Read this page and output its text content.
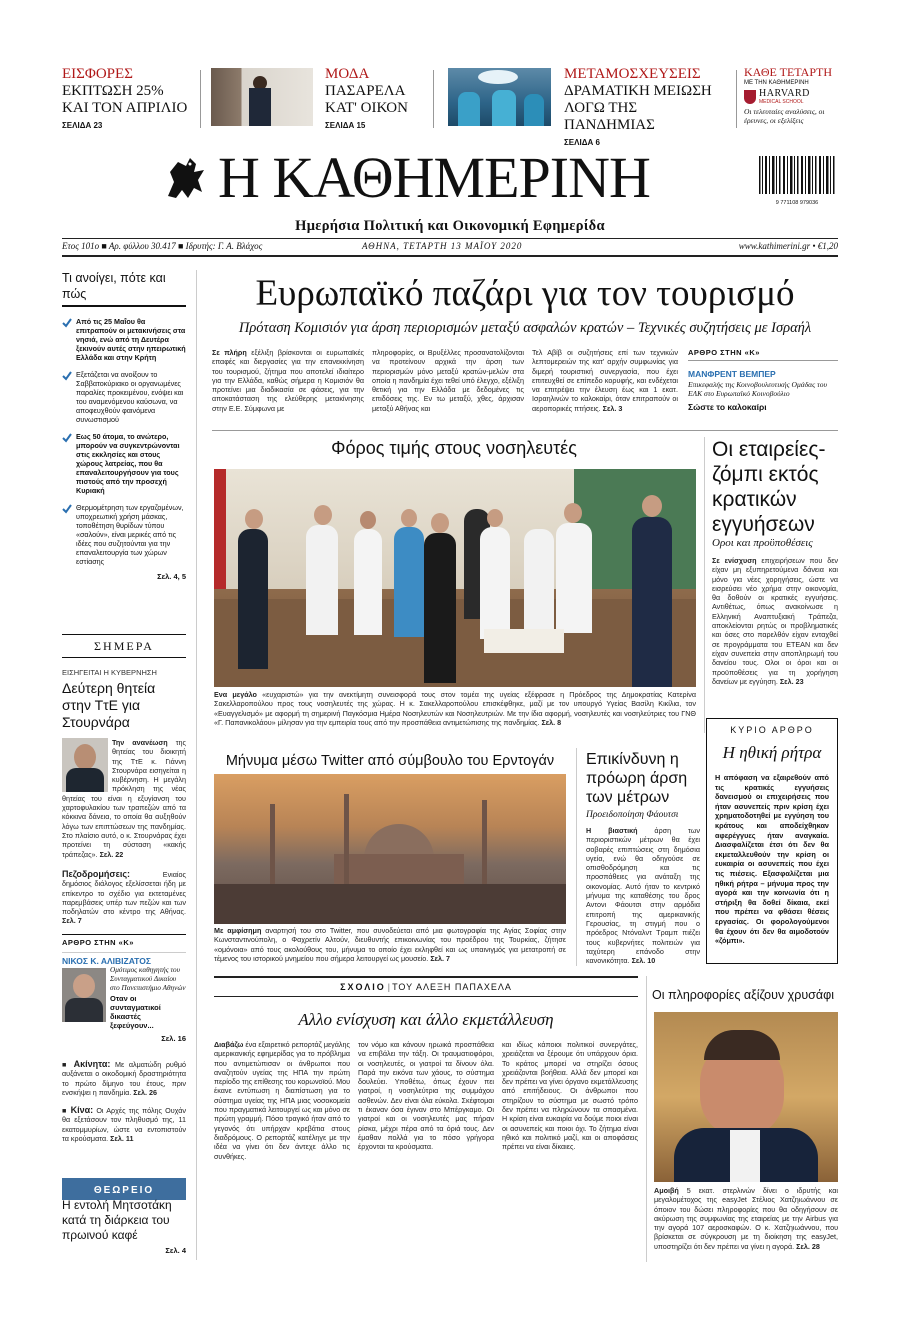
ΕΙΣΦΟΡΕΣ
ΕΚΠΤΩΣΗ 25%
ΚΑΙ ΤΟΝ ΑΠΡΙΛΙΟ
ΣΕΛΙΔΑ 23
ΜΟΔΑ
ΠΑΣΑΡΕΛΑ
ΚΑΤ' ΟΙΚΟΝ
ΣΕΛΙΔΑ 15
ΜΕΤΑΜΟΣΧΕΥΣΕΙΣ
ΔΡΑΜΑΤΙΚΗ ΜΕΙΩΣΗ
ΛΟΓΩ ΤΗΣ ΠΑΝΔΗΜΙΑΣ
ΣΕΛΙΔΑ 6
ΚΑΘΕ ΤΕΤΑΡΤΗ
ΜΕ ΤΗΝ ΚΑΘΗΜΕΡΙΝΗ
HARVARD
MEDICAL SCHOOL
Οι τελευταίες αναλύσεις, οι έρευνες, οι εξελίξεις
Η ΚΑΘΗΜΕΡΙΝΗ	9 771108 979036
Ημερήσια Πολιτική και Οικονομική Εφημερίδα
Ετος 101ο ■ Αρ. φύλλου 30.417 ■ Ιδρυτής: Γ. Α. Βλάχος	ΑΘΗΝΑ, ΤΕΤΑΡΤΗ 13 ΜΑΪΟΥ 2020	www.kathimerini.gr • €1,20
Τι ανοίγει, πότε και πώς
Από τις 25 Μαΐου θα επιτραπούν οι μετακινήσεις στα νησιά, ενώ από τη Δευτέρα ξεκινούν αυτές στην ηπειρωτική Ελλάδα και στην Κρήτη
Εξετάζεται να ανοίξουν το Σαββατοκύριακο οι οργανωμένες παραλίες προκειμένου, ενόψει και του αναμενόμενου καύσωνα, να αποφευχθούν φαινόμενα συνωστισμού
Εως 50 άτομα, το ανώτερο, μπορούν να συγκεντρώνονται στις εκκλησίες και στους χώρους λατρείας, που θα επαναλειτουργήσουν για τους πιστούς από την προσεχή Κυριακή
Θερμομέτρηση των εργαζομένων, υποχρεωτική χρήση μάσκας, τοποθέτηση θυρίδων τύπου «σαλούν», είναι μερικές από τις ιδέες που συζητούνται για την επαναλειτουργία των χώρων εστίασης
Σελ. 4, 5
ΣΗΜΕΡΑ
ΕΙΣΗΓΕΙΤΑΙ Η ΚΥΒΕΡΝΗΣΗ
Δεύτερη θητεία στην ΤτΕ για Στουρνάρα
Την ανανέωση της θητείας του διοικητή της ΤτΕ κ. Γιάννη Στουρνάρα εισηγείται η κυβέρνηση. Η μεγάλη πρόκληση της νέας θητείας του είναι η εξυγίανση του χαρτοφυλακίου των τραπεζών από τα κόκκινα δάνεια, το οποία θα αυξηθούν λόγω των επιπτώσεων της πανδημίας. Στο πλαίσιο αυτό, ο κ. Στουρνάρας έχει προτείνει τη σύσταση «κακής τράπεζας». Σελ. 22
Πεζοδρομήσεις:	Ενιαίος δημόσιος διάλογος εξελίσσεται ήδη με επίκεντρο το σχέδιο για εκτεταμένες παρεμβάσεις υπέρ των πεζών και των ποδηλατών στο κέντρο της Αθήνας. Σελ. 7
ΑΡΘΡΟ ΣΤΗΝ «Κ»
ΝΙΚΟΣ Κ. ΑΛΙΒΙΖΑΤΟΣ
Ομότιμος καθηγητής του Συνταγματικού Δικαίου στο Πανεπιστήμιο Αθηνών
Οταν οι συνταγματικοί δικαστές ξεφεύγουν...
Σελ. 16
■ Ακίνητα: Με αλματώδη ρυθμό αυξάνεται ο οικοδομική δραστηριότητα το πρώτο δίμηνο του έτους, πριν ενσκήψει η πανδημία. Σελ. 26
■ Κίνα: Οι Αρχές της πόλης Ουχάν θα εξετάσουν τον πληθυσμό της, 11 εκατομμυρίων, ώστε να εντοπιστούν τα κρούσματα. Σελ. 11
ΘΕΩΡΕΙΟ
Η εντολή Μητσοτάκη κατά τη διάρκεια του πρωινού καφέ
Σελ. 4
Ευρωπαϊκό παζάρι για τον τουρισμό
Πρόταση Κομισιόν για άρση περιορισμών μεταξύ ασφαλών κρατών – Τεχνικές συζητήσεις με Ισραήλ
Σε πλήρη εξέλιξη βρίσκονται οι ευρωπαϊκές επαφές και διεργασίες για την επανεκκίνηση του τουρισμού, ζήτημα που αποτελεί ιδιαίτερο για την Ελλάδα, καθώς σήμερα η Κομισιόν θα προτείνει μια διαδικασία σε φάσεις, για την αποκατάσταση της ελεύθερης μετακίνησης στην Ε.Ε. Σύμφωνα με
πληροφορίες, οι Βρυξέλλες προσανατολίζονται να προτείνουν αρχικά την άρση των περιορισμών μόνο μεταξύ κρατών-μελών στα οποία η πανδημία έχει τεθεί υπό έλεγχο, εξέλιξη θετική για την Ελλάδα με δεδομένες τις επιδόσεις της. Εν τω μεταξύ, χθες, άρχισαν μεταξύ Αθήνας και
Τελ Αβίβ οι συζητήσεις επί των τεχνικών λεπτομερειών της κατ' αρχήν συμφωνίας για διμερή τουριστική συνεργασία, που έχει επιτευχθεί σε επίπεδο κορυφής, και ενδέχεται να επιτρέψει την έλευση έως και 1 εκατ. Ισραηλινών το καλοκαίρι, όταν επιτραπούν οι αεροπορικές πτήσεις. Σελ. 3
ΑΡΘΡΟ ΣΤΗΝ «Κ»
ΜΑΝΦΡΕΝΤ ΒΕΜΠΕΡ
Επικεφαλής της Κοινοβουλευτικής Ομάδας του ΕΛΚ στο Ευρωπαϊκό Κοινοβούλιο
Σώστε το καλοκαίρι
Φόρος τιμής στους νοσηλευτές
Ενα μεγάλο «ευχαριστώ» για την ανεκτίμητη συνεισφορά τους στον τομέα της υγείας εξέφρασε η Πρόεδρος της Δημοκρατίας Κατερίνα Σακελλαροπούλου προς τους νοσηλευτές της χώρας. Η κ. Σακελλαροπούλου επισκέφθηκε, μαζί με τον υπουργό Υγείας Βασίλη Κικίλια, τον «Ευαγγελισμό» με αφορμή τη σημερινή Παγκόσμια Ημέρα Νοσηλευτών και Νοσηλευτριών. Με την ίδια αφορμή, νοσηλευτές και νοσηλεύτριες του ΓΝΘ «Γ. Παπανικολάου» μίλησαν για την εμπειρία τους από την προσπάθεια αντιμετώπισης της πανδημίας. Σελ. 8
Οι εταιρείες-ζόμπι εκτός κρατικών εγγυήσεων
Οροι και προϋποθέσεις
Σε ενίσχυση επιχειρήσεων που δεν είχαν μη εξυπηρετούμενα δάνεια και μόνο για νέες χορηγήσεις, ώστε να εισρεύσει νέο χρήμα στην οικονομία, θα δοθούν οι κρατικές εγγυήσεις. Αντιθέτως, όπως ανακοίνωσε η Ελληνική Αναπτυξιακή Τράπεζα, αποκλείονται ρητώς οι προβληματικές και όσες στο παρελθόν είχαν ενταχθεί σε προγράμματα του ΕΤΕΑΝ και δεν είχαν συνεπεία στην αποπληρωμή του δανείου τους. Ολοι οι όροι και οι προϋποθέσεις για τη χορήγηση δανείων με εγγύηση. Σελ. 23
ΚΥΡΙΟ ΑΡΘΡΟ
Η ηθική ρήτρα
Η απόφαση να εξαιρεθούν από τις κρατικές εγγυήσεις δανεισμού οι επιχειρήσεις που ήταν ασυνεπείς πριν κρίση έχει χρηματοδοτηθεί με εγγύηση του κράτους και αποδείχθηκαν αφερέγγυες ήταν αναγκαία. Διασφαλίζεται έτσι ότι δεν θα εκμεταλλευθούν την κρίση οι ευκαιρία οι ασυνεπείς που έχει τις πιέσεις. Εξασφαλίζεται μια ηθική ρήτρα – μήνυμα προς την αγορά και την κοινωνία ότι η στήριξη θα δοθεί δίκαια, εκεί που πρέπει να φθάσει θέσεις εργασίας. Οι φορολογούμενοι θα έχουν ότι δεν θα αιμοδοτούν «ζόμπι».
Μήνυμα μέσω Twitter από σύμβουλο του Ερντογάν
Με αμφίσημη αναρτησή του στο Twitter, που συνοδεύεται από μια φωτογραφία της Αγίας Σοφίας στην Κωνσταντινούπολη, ο Φαχρετίν Αλτούν, διευθυντής επικοινωνίας του προέδρου της Τουρκίας, ζήτησε «ομόνοια» από τους ακολούθους του, μήνυμα το οποίο έχει εκληφθεί και ως υπαινιγμός για μετατροπή σε τέμενος του ιστορικού μνημείου που σήμερα λειτουργεί ως μουσείο. Σελ. 7
Επικίνδυνη η πρόωρη άρση των μέτρων
Προειδοποίηση Φάουτσι
Η βιαστική άρση των περιοριστικών μέτρων θα έχει σοβαρές επιπτώσεις στη δημόσια υγεία, ενώ θα οδηγούσε σε οπισθοδρόμηση και τις προσπάθειες για ανάταξη της οικονομίας. Αυτό ήταν το κεντρικό μήνυμα της καταθέσης του δρος Αντονι Φάουτσι στην αρμόδια επιτροπή της αμερικανικής Γερουσίας, τη στιγμή που ο πρόεδρος Ντόναλντ Τραμπ πιέζει τους κυβερνήτες πολιτειών για ταχύτερη επάνοδο στην κανονικότητα. Σελ. 10
ΣΧΟΛΙΟ | ΤΟΥ ΑΛΕΞΗ ΠΑΠΑΧΕΛΑ
Αλλο ενίσχυση και άλλο εκμετάλλευση
Διαβάζω ένα εξαιρετικό ρεπορτάζ μεγάλης αμερικανικής εφημερίδας για το πρόβλημα που αντιμετώπισαν οι άνθρωποι που αναζητούν υγείας της ΗΠΑ την πρώτη περίοδο της επίθεσης του κορωνοϊού. Μου έκανε εντύπωση η διαπίστωση για το σύστημα υγείας της ΗΠΑ μιας νοσοκομεία που πραγματικά λειτουργεί ως και μόνο σε πρώτη γραμμή. Πόσο τραγικό ήταν από το γεγονός ότι υπήρχαν κρεβάτια στους διαδρόμους. Ο ρεπορτάζ κατέληγε με την ιδέα να γίνει ότι δεν άντεχε άλλο τις συνθήκες.
τον νόμο και κάνουν ηρωικά προσπάθεια να επιβάλει την τάξη. Οι τραυματιοφόροι, οι νοσηλευτές, οι γιατροί τα δίνουν όλα. Παρά την εικόνα των χάους, το σύστημα δουλεύει. Υποθέτω, όπως έχουν πει γιατροί, η νοσηλεύτρια της συμμάχου ασθενών. Δεν είναι όλα εύκολα. Σκέφτομαι τι έκαναν όσα έγιναν στο Μπέργκαμο. Οι γιατροί και οι νοσηλευτές μας πήραν ρίσκα, μέχρι πέρα από τα όριά τους. Δεν έμαθαν πολλά για το πόσο γρήγορα έρχονται τα κρούσματα.
και ιδίως κάποιοι πολιτικοί συνεργάτες, χρειάζεται να ξέρουμε ότι υπάρχουν όρια. Το κράτος μπορεί να στηρίζει όσους χρειάζονται βοήθεια. Αλλά δεν μπορεί και δεν πρέπει να γίνει όργανο εκμετάλλευσης από επιτήδειους. Οι άνθρωποι που στηρίζουν το σύστημα με σωστό τρόπο δεν πρέπει να πληρώνουν τα σπασμένα. Η κρίση είναι ευκαιρία να δούμε ποιοι είναι οι ασυνεπείς και ποιοι όχι. Το ζήτημα είναι ηθικό και πολιτικό μαζί, και οι αποφάσεις πρέπει να είναι δίκαιες.
Οι πληροφορίες αξίζουν χρυσάφι
Αμοιβή 5 εκατ. στερλινών δίνει ο ιδρυτής και μεγαλομέτοχος της easyJet Στέλιος Χατζηιωάννου σε όποιον του δώσει πληροφορίες που θα οδηγήσουν σε ακύρωση της συμφωνίας της εταιρείας με την Airbus για την αγορά 107 αεροσκαφών. Ο κ. Χατζηιωάννου, που βρίσκεται σε σύγκρουση με τη διοίκηση της easyJet, υποστηρίζει ότι δεν πρέπει να γίνει η αγορά. Σελ. 28
